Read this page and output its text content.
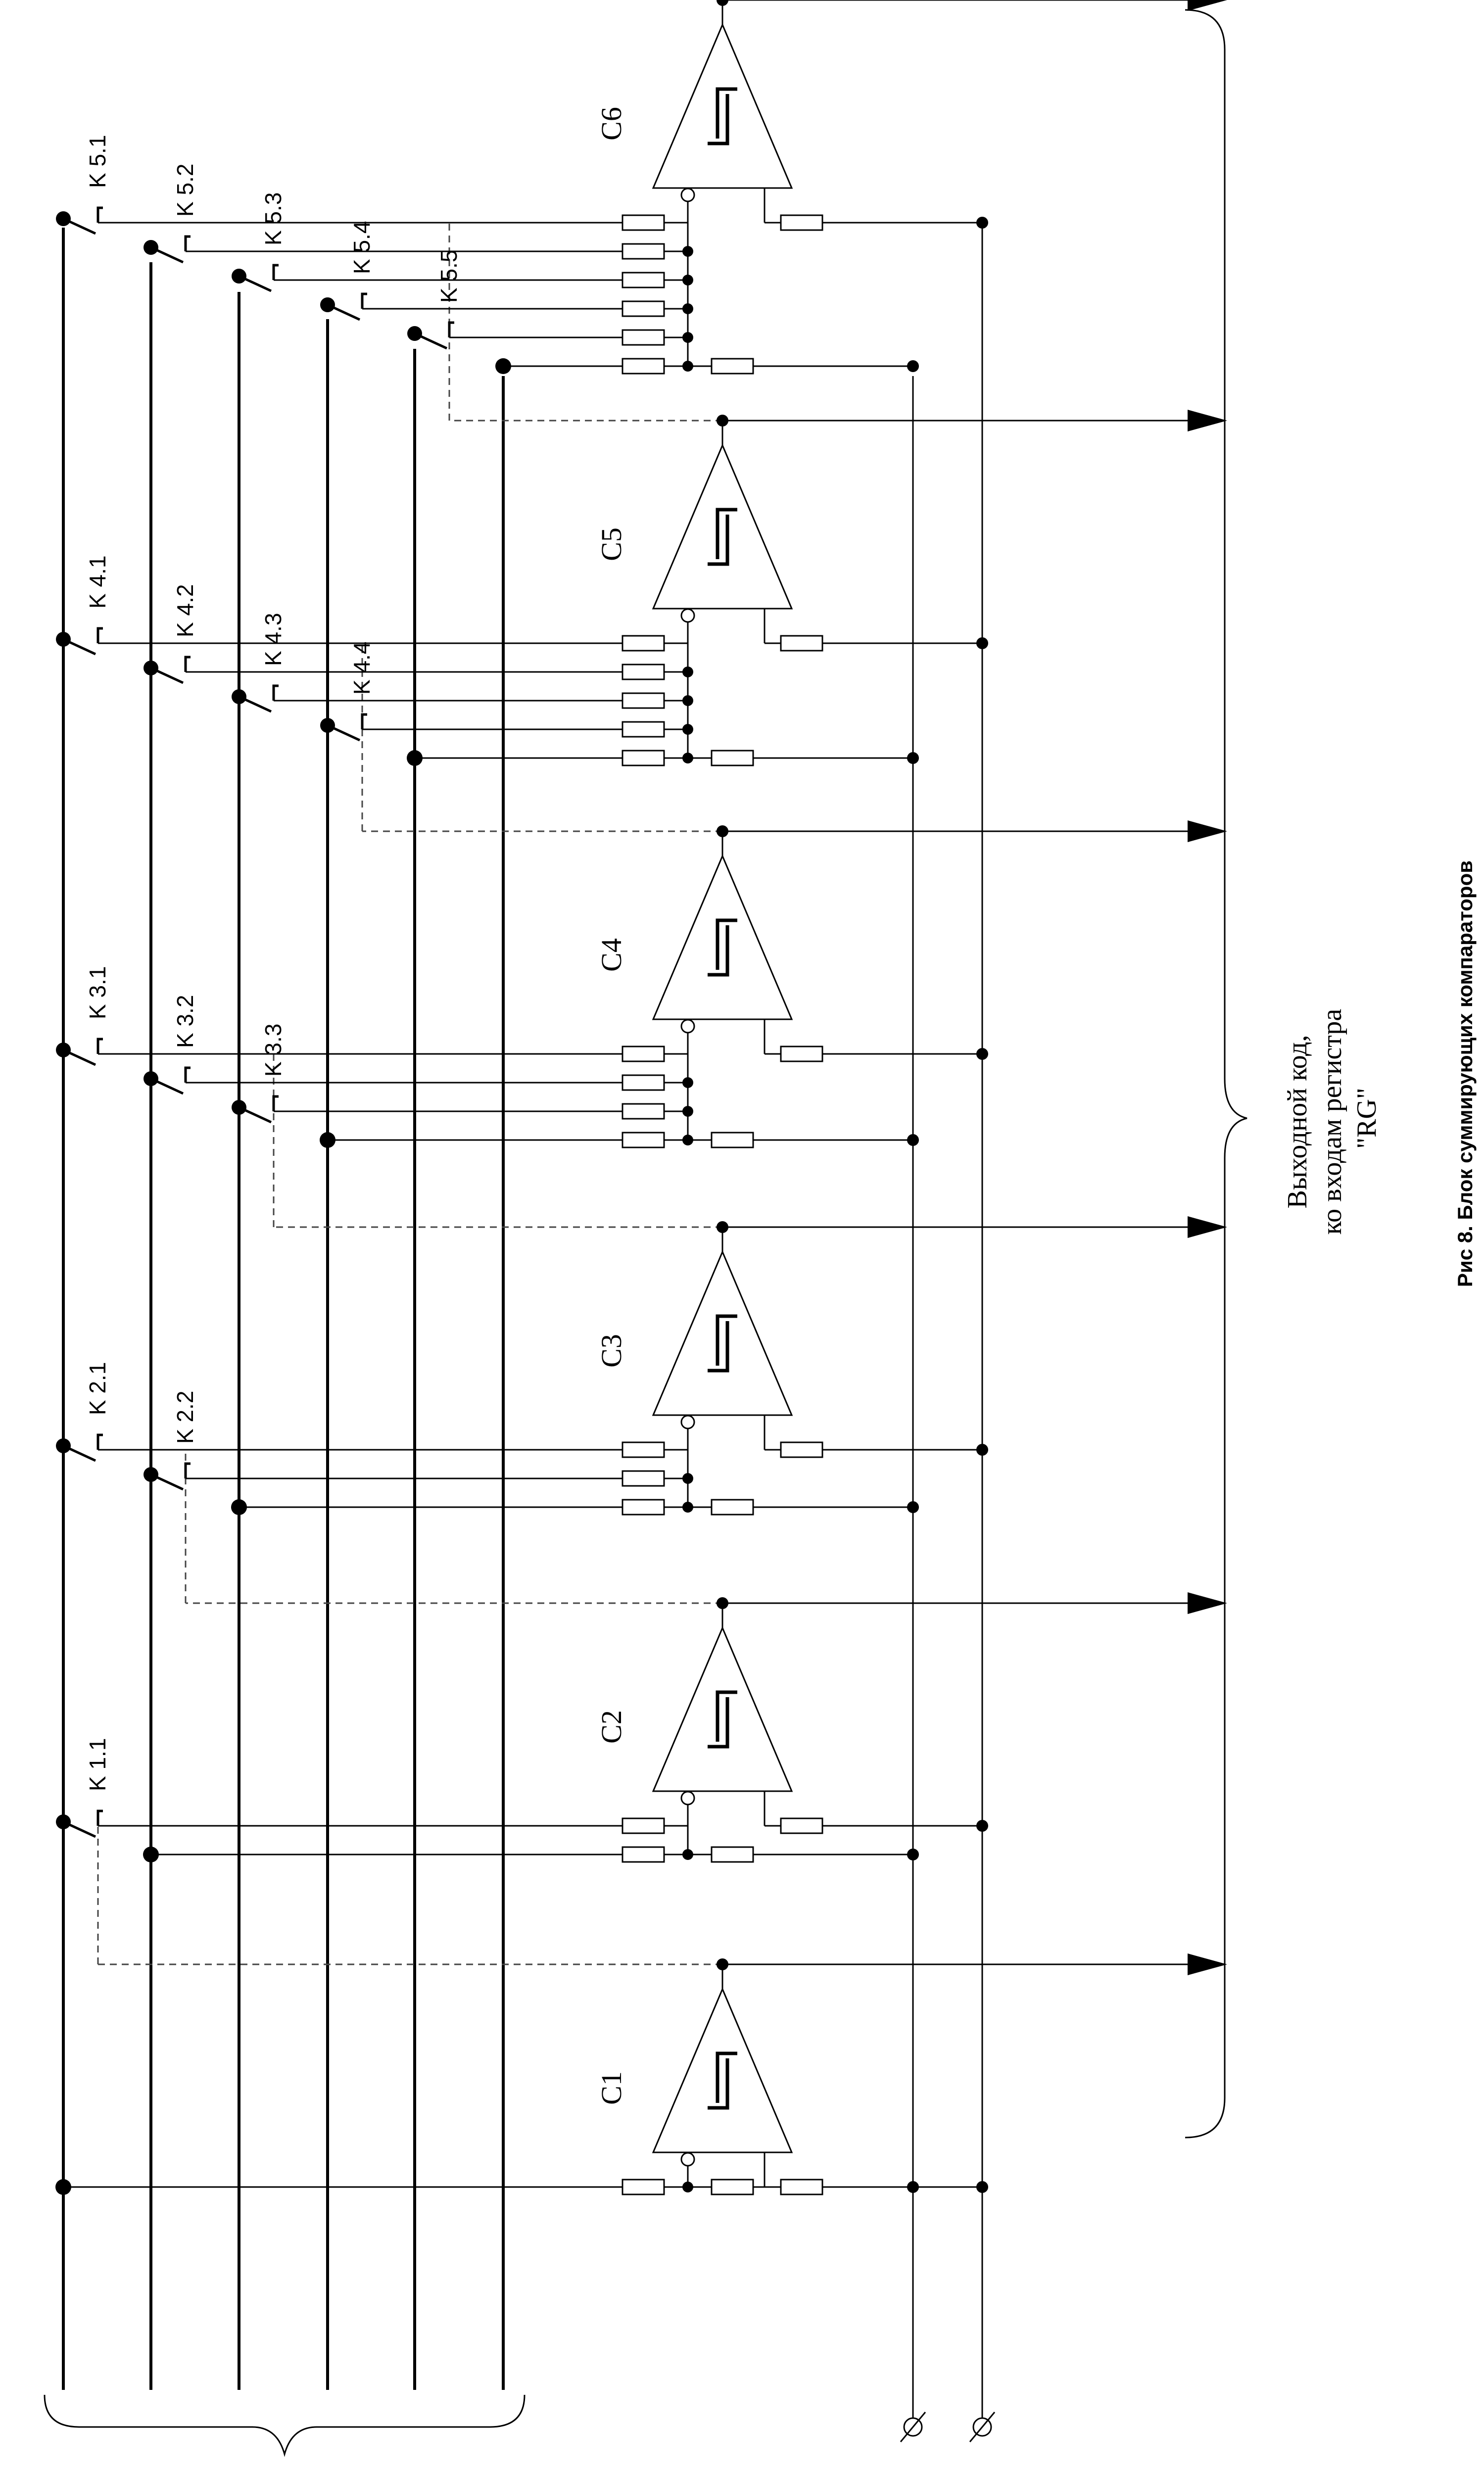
Выходной код, ко входам регистра "RG"	Рис 8. Блок суммирующих компараторов
C1
C2
K 1.1
C3
K 2.1
K 2.2
C4
K 3.1
K 3.2
K 3.3
C5
K 4.1
K 4.2
K 4.3
K 4.4
C6
K 5.1
K 5.2
K 5.3
K 5.4
K 5.5
